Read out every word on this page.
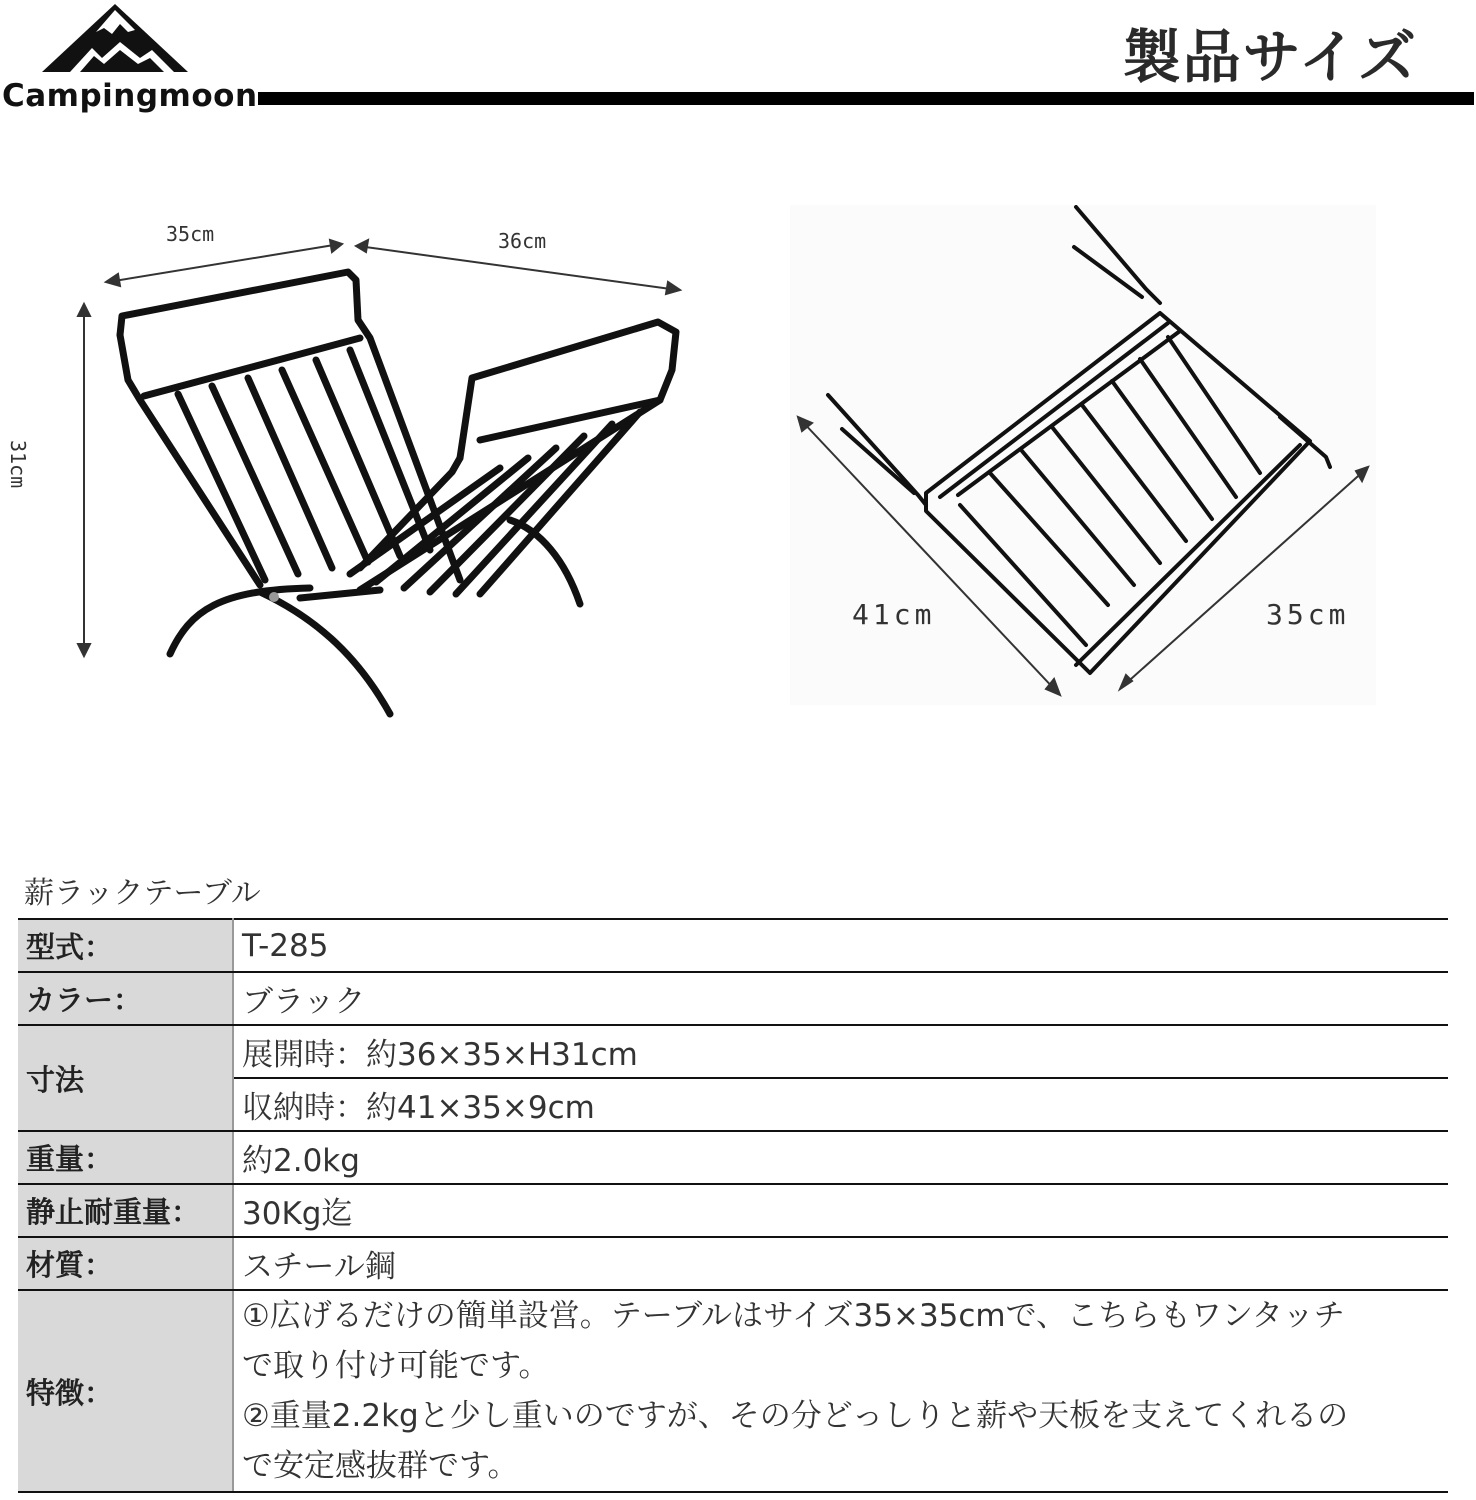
Campingmoon
製品サイズ
35cm	36cm
31cm
41cm	35cm
薪ラックテーブル
型式：	T-285
カラー：	ブラック
寸法	展開時：約36×35×H31cm
	収納時：約41×35×9cm
重量：	約2.0kg
静止耐重量：	30Kg迄
材質：	スチール鋼
特徴：	①広げるだけの簡単設営。テーブルはサイズ35×35cmで、こちらもワンタッチ
で取り付け可能です。
②重量2.2kgと少し重いのですが、その分どっしりと薪や天板を支えてくれるの
で安定感抜群です。
